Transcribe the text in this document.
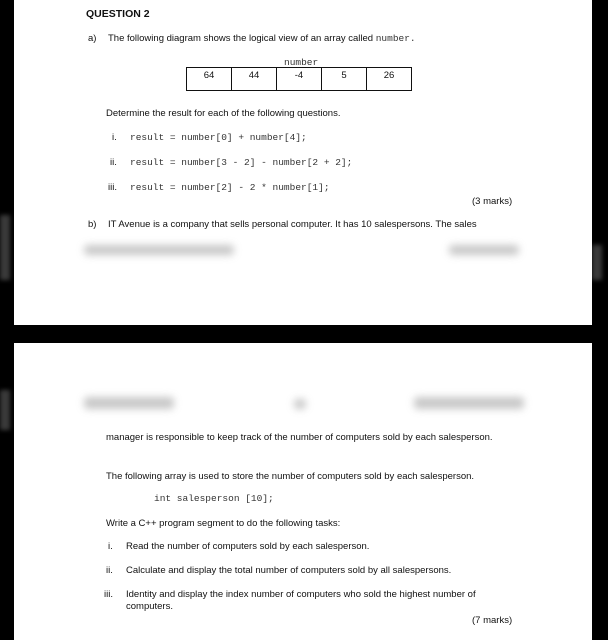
QUESTION 2
a) The following diagram shows the logical view of an array called number.
number
64	44	-4	5	26
Determine the result for each of the following questions.
i. result = number[0] + number[4];
ii. result = number[3 - 2] - number[2 + 2];
iii. result = number[2] - 2 * number[1];
(3 marks)
b) IT Avenue is a company that sells personal computer. It has 10 salespersons. The sales
manager is responsible to keep track of the number of computers sold by each salesperson.
The following array is used to store the number of computers sold by each salesperson.
int salesperson [10];
Write a C++ program segment to do the following tasks:
i. Read the number of computers sold by each salesperson.
ii. Calculate and display the total number of computers sold by all salespersons.
iii. Identity and display the index number of computers who sold the highest number of computers.
(7 marks)
